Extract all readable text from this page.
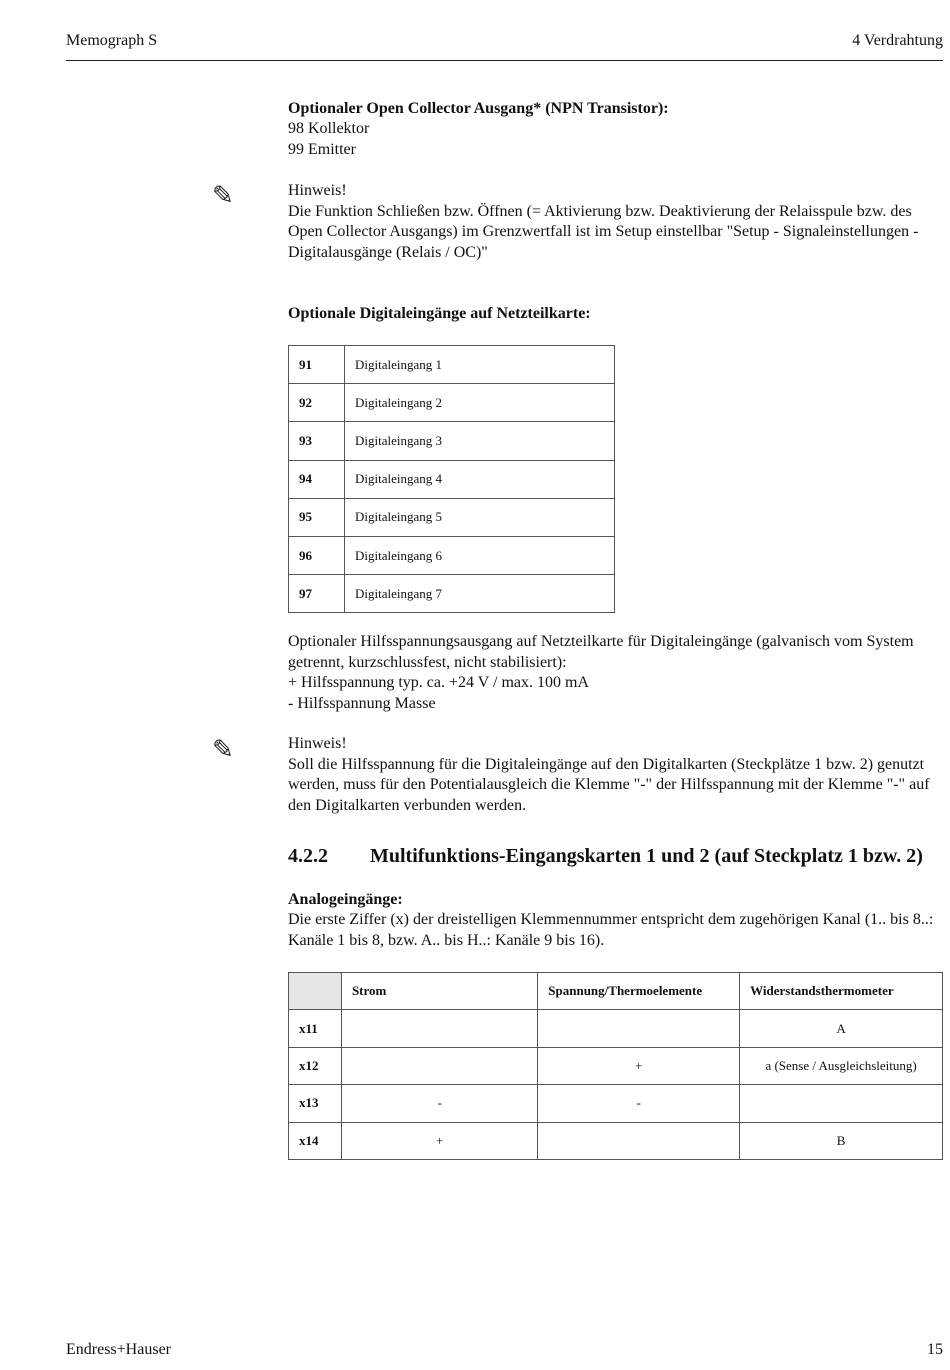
Memograph S	4 Verdrahtung
Optionaler Open Collector Ausgang* (NPN Transistor):
98 Kollektor
99 Emitter
✎	Hinweis!
Die Funktion Schließen bzw. Öffnen (= Aktivierung bzw. Deaktivierung der Relaisspule bzw. des Open Collector Ausgangs) im Grenzwertfall ist im Setup einstellbar "Setup - Signaleinstellungen - Digitalausgänge (Relais / OC)"
Optionale Digitaleingänge auf Netzteilkarte:
91	Digitaleingang 1
92	Digitaleingang 2
93	Digitaleingang 3
94	Digitaleingang 4
95	Digitaleingang 5
96	Digitaleingang 6
97	Digitaleingang 7
Optionaler Hilfsspannungsausgang auf Netzteilkarte für Digitaleingänge (galvanisch vom System getrennt, kurzschlussfest, nicht stabilisiert):
+ Hilfsspannung typ. ca. +24 V / max. 100 mA
- Hilfsspannung Masse
✎	Hinweis!
Soll die Hilfsspannung für die Digitaleingänge auf den Digitalkarten (Steckplätze 1 bzw. 2) genutzt werden, muss für den Potentialausgleich die Klemme "-" der Hilfsspannung mit der Klemme "-" auf den Digitalkarten verbunden werden.
4.2.2 Multifunktions-Eingangskarten 1 und 2 (auf Steckplatz 1 bzw. 2)
Analogeingänge:
Die erste Ziffer (x) der dreistelligen Klemmennummer entspricht dem zugehörigen Kanal (1.. bis 8..: Kanäle 1 bis 8, bzw. A.. bis H..: Kanäle 9 bis 16).
	Strom	Spannung/Thermoelemente	Widerstandsthermometer
x11			A
x12		+	a (Sense / Ausgleichsleitung)
x13	-	-	
x14	+		B
Endress+Hauser	15
